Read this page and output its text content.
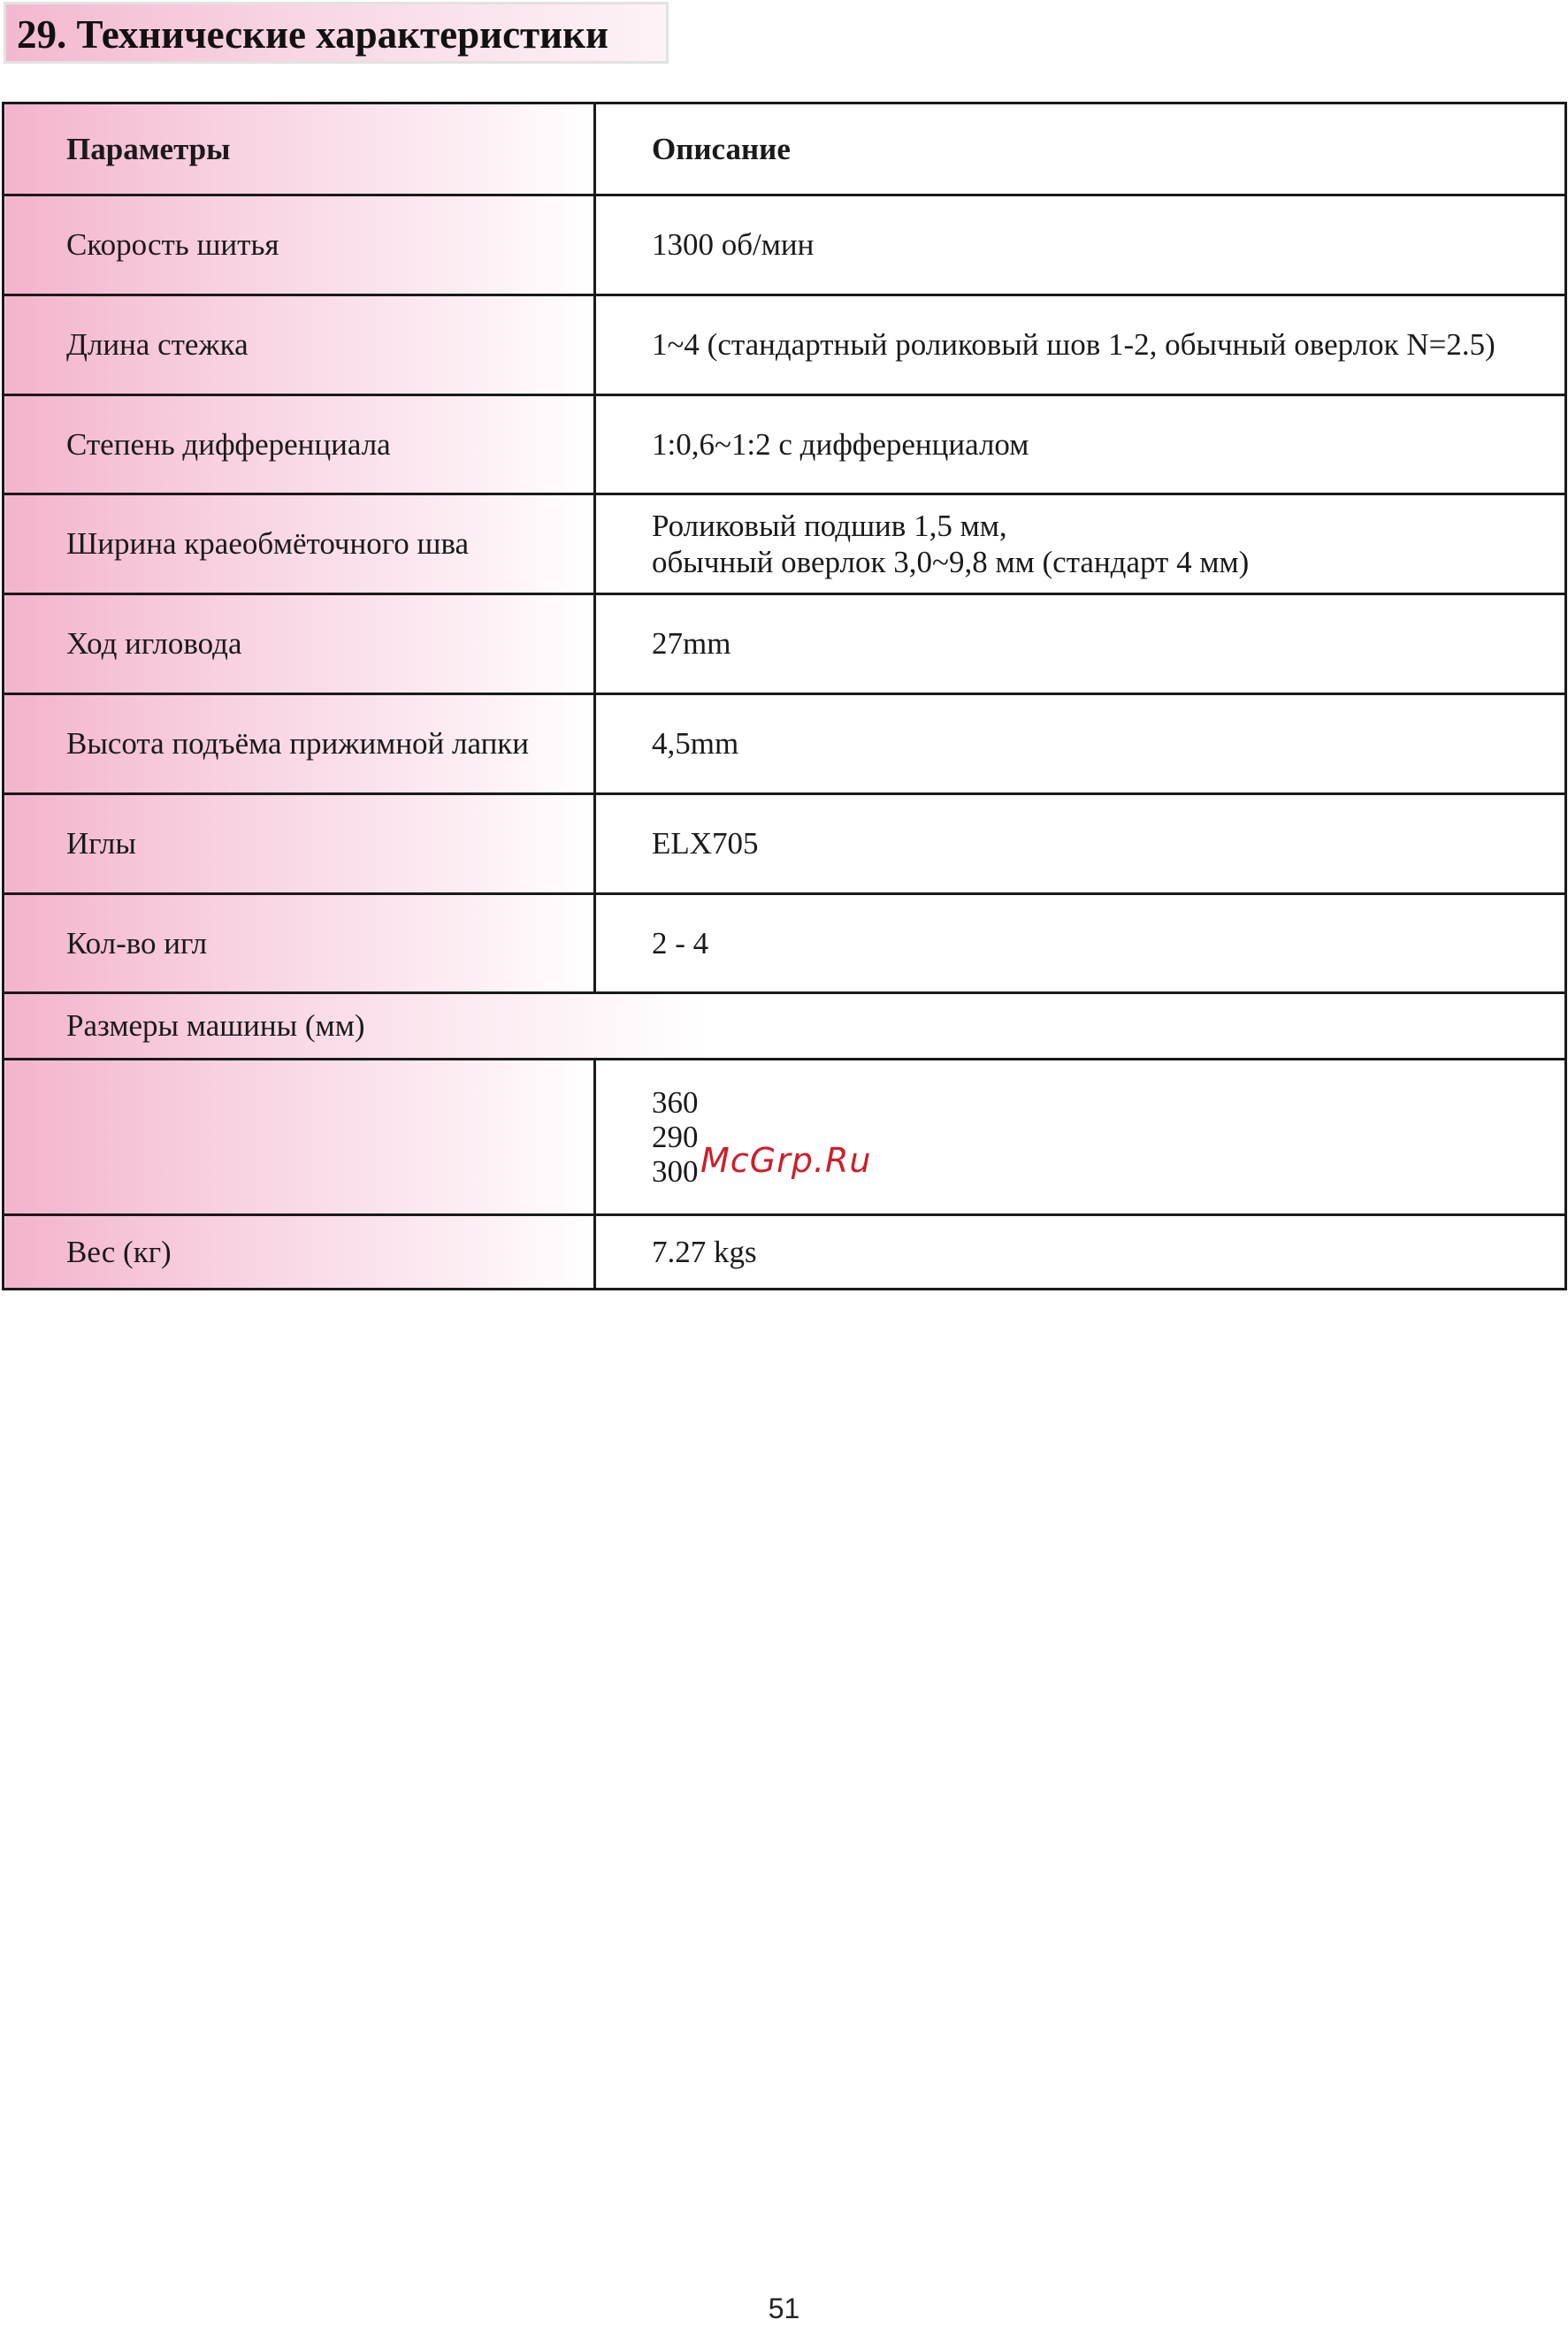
29. Технические характеристики
Параметры	Описание
Скорость шитья	1300 об/мин
Длина стежка	1~4 (стандартный роликовый шов 1-2, обычный оверлок N=2.5)
Степень дифференциала	1:0,6~1:2 с дифференциалом
Ширина краеобмёточного шва	Роликовый подшив 1,5 мм,
обычный оверлок 3,0~9,8 мм (стандарт 4 мм)

Ход игловода	27mm
Высота подъёма прижимной лапки	4,5mm
Иглы	ELX705
Кол-во игл	2 - 4
Размеры машины (мм)	

	360
290
300

Вес (кг)	7.27 kgs
McGrp.Ru
51
